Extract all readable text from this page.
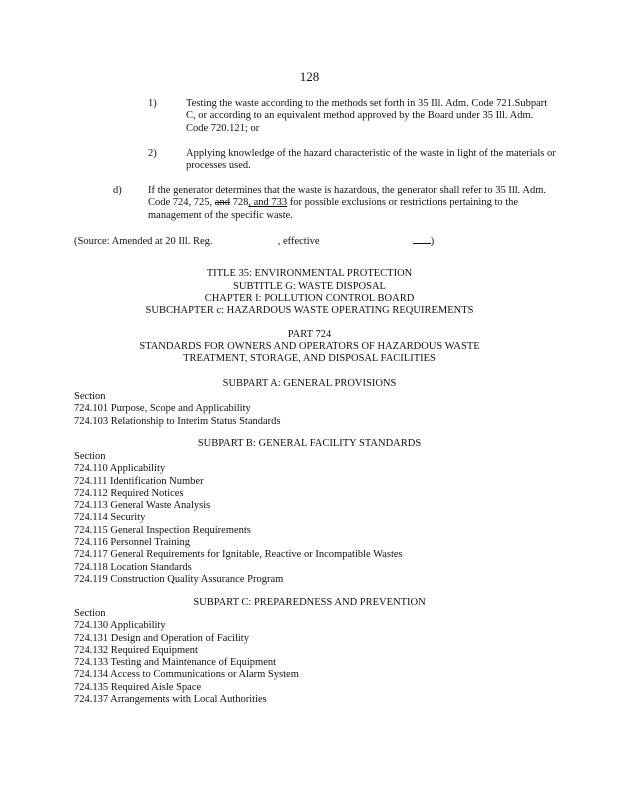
128
1)	Testing the waste according to the methods set forth in 35 Ill. Adm. Code 721.Subpart C, or according to an equivalent method approved by the Board under 35 Ill. Adm. Code 720.121; or
2)	Applying knowledge of the hazard characteristic of the waste in light of the materials or processes used.
d)	If the generator determines that the waste is hazardous, the generator shall refer to 35 Ill. Adm. Code 724, 725, and 728, and 733 for possible exclusions or restrictions pertaining to the management of the specific waste.
(Source: Amended at 20 Ill. Reg.	, effective	)
TITLE 35: ENVIRONMENTAL PROTECTION
SUBTITLE G: WASTE DISPOSAL
CHAPTER I: POLLUTION CONTROL BOARD
SUBCHAPTER c: HAZARDOUS WASTE OPERATING REQUIREMENTS
PART 724
STANDARDS FOR OWNERS AND OPERATORS OF HAZARDOUS WASTE
TREATMENT, STORAGE, AND DISPOSAL FACILITIES
SUBPART A: GENERAL PROVISIONS
Section
724.101 Purpose, Scope and Applicability
724.103 Relationship to Interim Status Standards
SUBPART B: GENERAL FACILITY STANDARDS
Section
724.110 Applicability
724.111 Identification Number
724.112 Required Notices
724.113 General Waste Analysis
724.114 Security
724.115 General Inspection Requirements
724.116 Personnel Training
724.117 General Requirements for Ignitable, Reactive or Incompatible Wastes
724.118 Location Standards
724.119 Construction Quality Assurance Program
SUBPART C: PREPAREDNESS AND PREVENTION
Section
724.130 Applicability
724.131 Design and Operation of Facility
724.132 Required Equipment
724.133 Testing and Maintenance of Equipment
724.134 Access to Communications or Alarm System
724.135 Required Aisle Space
724.137 Arrangements with Local Authorities
